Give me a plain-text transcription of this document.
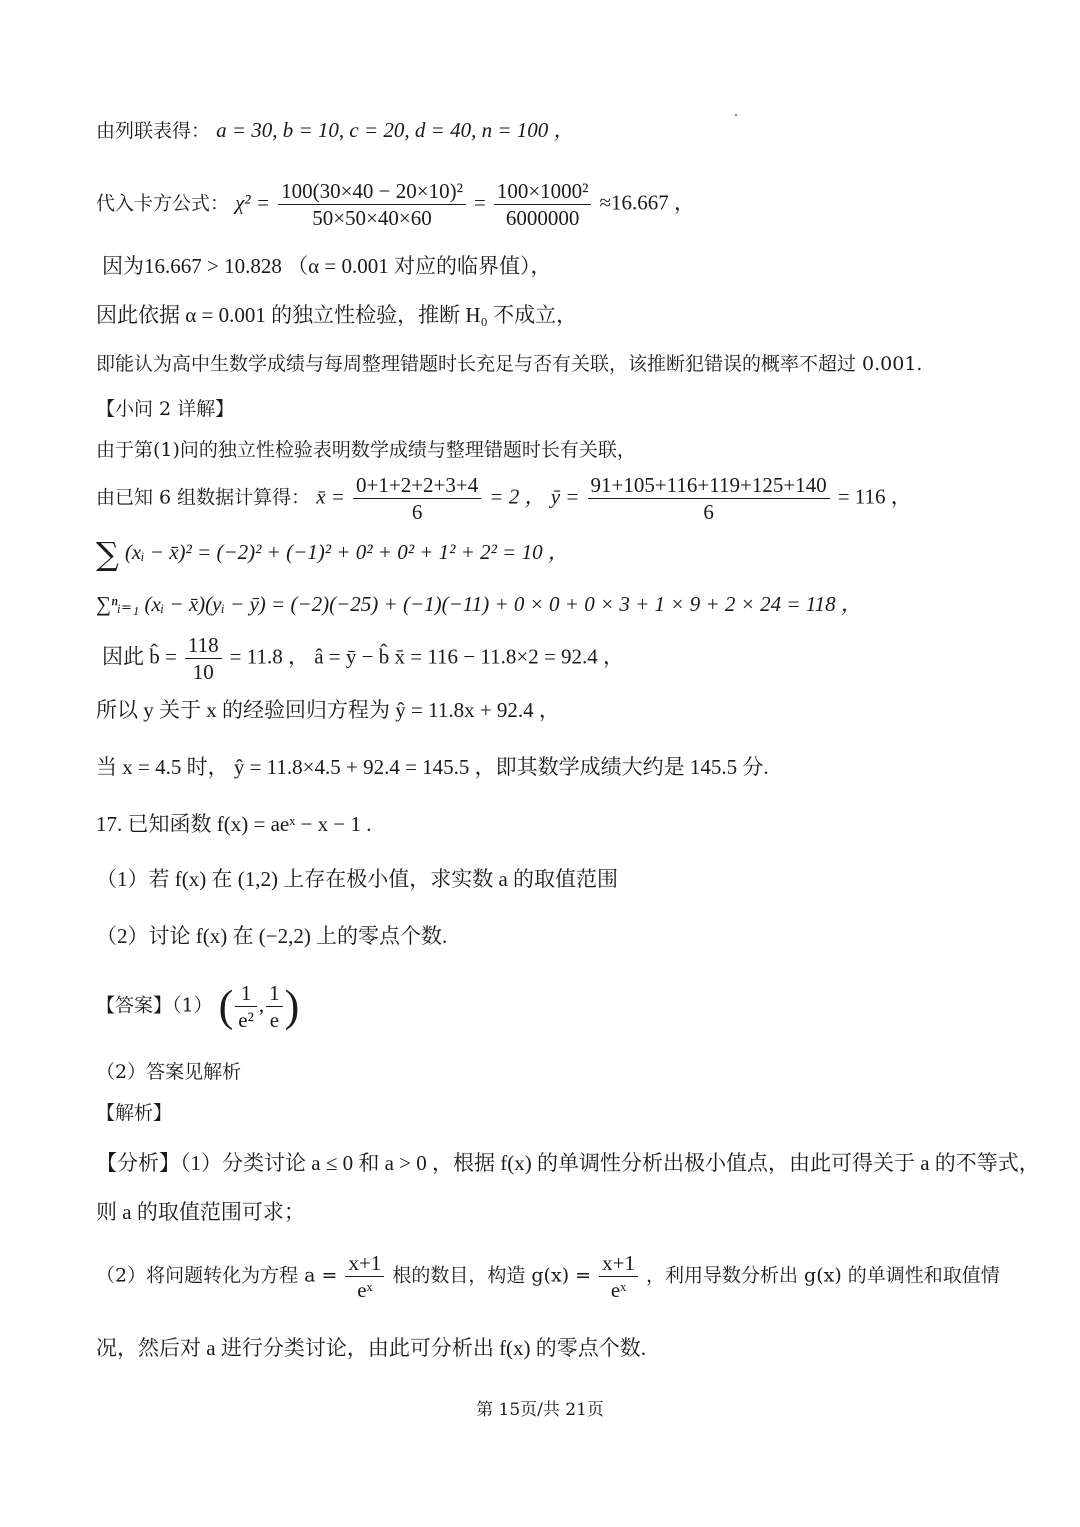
由列联表得： a = 30, b = 10, c = 20, d = 40, n = 100 ，
代入卡方公式： $\chi^2 = \frac{\text{100(30×40 − 20×10)²}}{50\times 50\times 40\times 60} = \frac{\text{100×1000²}}{6000000} \approx 16.667$ ，
因为16.667 > 10.828 （α = 0.001 对应的临界值），
因此依据 α = 0.001 的独立性检验，推断 H₀ 不成立，
即能认为高中生数学成绩与每周整理错题时长充足与否有关联，该推断犯错误的概率不超过 0.001.
【小问 2 详解】
由于第(1)问的独立性检验表明数学成绩与整理错题时长有关联，
由已知 6 组数据计算得： x̄ = $\frac{0+1+2+2+3+4}{6} = 2$ ， ȳ = $\frac{91+105+116+119+125+140}{6} = 116$ ，
∑ (xᵢ − x̄)² = (−2)² + (−1)² + 0² + 0² + 1² + 2² = 10 ，
∑ⁿᵢ₌₁ (xᵢ − x̄)(yᵢ − ȳ) = (−2)(−25) + (−1)(−11) + 0 × 0 + 0 × 3 + 1 × 9 + 2 × 24 = 118 ，
因此 b̂ = $\frac{118}{10} = 11.8$ ， â = ȳ − b̂ x̄ = 116 − 11.8×2 = 92.4 ，
所以 y 关于 x 的经验回归方程为 ŷ = 11.8x + 92.4 ，
当 x = 4.5 时， ŷ = 11.8×4.5 + 92.4 = 145.5 ，即其数学成绩大约是 145.5 分.
17. 已知函数 f(x) = aeˣ − x − 1 .
（1）若 f(x) 在 (1,2) 上存在极小值，求实数 a 的取值范围
（2）讨论 f(x) 在 (−2,2) 上的零点个数.
【答案】（1） ( $\frac{1}{\text{e²}}$ , $\frac{1}{e}$ )
（2）答案见解析
【解析】
【分析】（1）分类讨论 a ≤ 0 和 a > 0 ，根据 f(x) 的单调性分析出极小值点，由此可得关于 a 的不等式，
则 a 的取值范围可求；
（2）将问题转化为方程 $a = \frac{x+1}{\text{eˣ}}$ 根的数目，构造 $g(x) = \frac{x+1}{\text{eˣ}}$ ，利用导数分析出 g(x) 的单调性和取值情
况，然后对 a 进行分类讨论，由此可分析出 f(x) 的零点个数.
第 15页/共 21页
